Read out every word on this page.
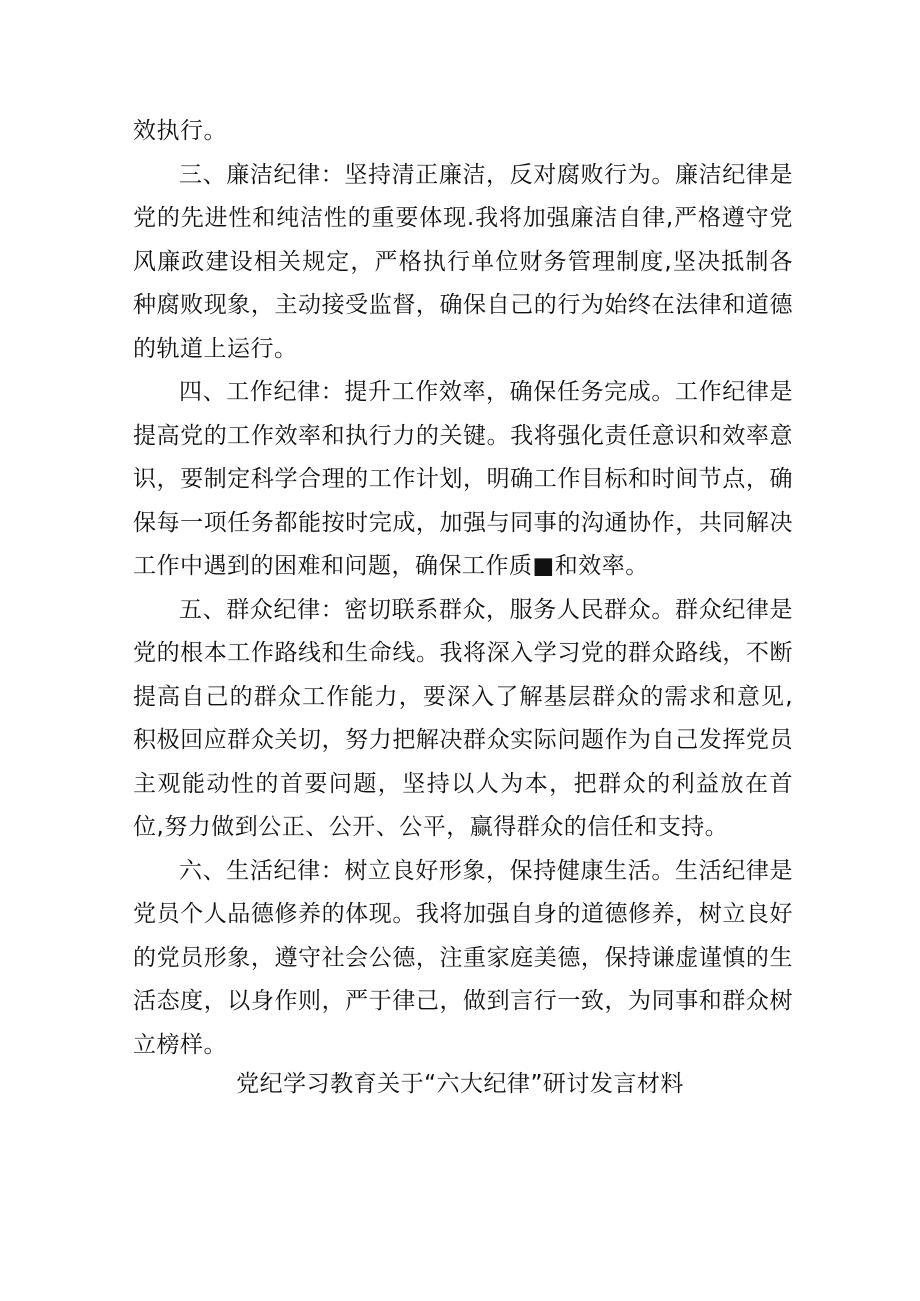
效执行。

三、廉洁纪律：坚持清正廉洁，反对腐败行为。廉洁纪律是党的先进性和纯洁性的重要体现.我将加强廉洁自律,严格遵守党风廉政建设相关规定，严格执行单位财务管理制度,坚决抵制各种腐败现象，主动接受监督，确保自己的行为始终在法律和道德的轨道上运行。

四、工作纪律：提升工作效率，确保任务完成。工作纪律是提高党的工作效率和执行力的关键。我将强化责任意识和效率意识，要制定科学合理的工作计划，明确工作目标和时间节点，确保每一项任务都能按时完成，加强与同事的沟通协作，共同解决工作中遇到的困难和问题，确保工作质■和效率。

五、群众纪律：密切联系群众，服务人民群众。群众纪律是党的根本工作路线和生命线。我将深入学习党的群众路线，不断提高自己的群众工作能力，要深入了解基层群众的需求和意见,积极回应群众关切，努力把解决群众实际问题作为自己发挥党员主观能动性的首要问题，坚持以人为本，把群众的利益放在首位,努力做到公正、公开、公平，赢得群众的信任和支持。

六、生活纪律：树立良好形象，保持健康生活。生活纪律是党员个人品德修养的体现。我将加强自身的道德修养，树立良好的党员形象，遵守社会公德，注重家庭美德，保持谦虚谨慎的生活态度，以身作则，严于律己，做到言行一致，为同事和群众树立榜样。

党纪学习教育关于“六大纪律”研讨发言材料
